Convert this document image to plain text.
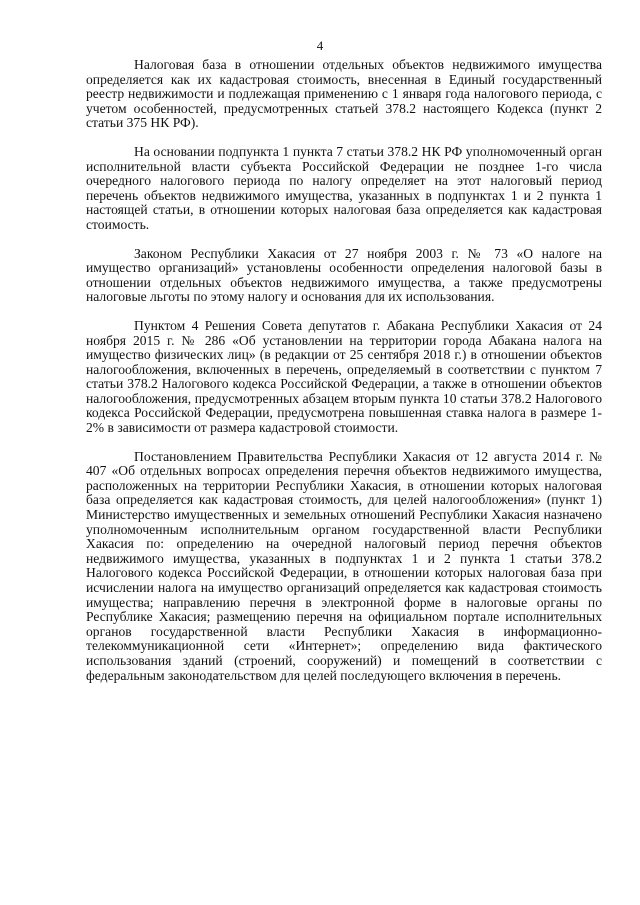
4

Налоговая база в отношении отдельных объектов недвижимого имущества определяется как их кадастровая стоимость, внесенная в Единый государственный реестр недвижимости и подлежащая применению с 1 января года налогового периода, с учетом особенностей, предусмотренных статьей 378.2 настоящего Кодекса (пункт 2 статьи 375 НК РФ).

На основании подпункта 1 пункта 7 статьи 378.2 НК РФ уполномоченный орган исполнительной власти субъекта Российской Федерации не позднее 1-го числа очередного налогового периода по налогу определяет на этот налоговый период перечень объектов недвижимого имущества, указанных в подпунктах 1 и 2 пункта 1 настоящей статьи, в отношении которых налоговая база определяется как кадастровая стоимость.

Законом Республики Хакасия от 27 ноября 2003 г. № 73 «О налоге на имущество организаций» установлены особенности определения налоговой базы в отношении отдельных объектов недвижимого имущества, а также предусмотрены налоговые льготы по этому налогу и основания для их использования.

Пунктом 4 Решения Совета депутатов г. Абакана Республики Хакасия от 24 ноября 2015 г. № 286 «Об установлении на территории города Абакана налога на имущество физических лиц» (в редакции от 25 сентября 2018 г.) в отношении объектов налогообложения, включенных в перечень, определяемый в соответствии с пунктом 7 статьи 378.2 Налогового кодекса Российской Федерации, а также в отношении объектов налогообложения, предусмотренных абзацем вторым пункта 10 статьи 378.2 Налогового кодекса Российской Федерации, предусмотрена повышенная ставка налога в размере 1-2% в зависимости от размера кадастровой стоимости.

Постановлением Правительства Республики Хакасия от 12 августа 2014 г. № 407 «Об отдельных вопросах определения перечня объектов недвижимого имущества, расположенных на территории Республики Хакасия, в отношении которых налоговая база определяется как кадастровая стоимость, для целей налогообложения» (пункт 1) Министерство имущественных и земельных отношений Республики Хакасия назначено уполномоченным исполнительным органом государственной власти Республики Хакасия по: определению на очередной налоговый период перечня объектов недвижимого имущества, указанных в подпунктах 1 и 2 пункта 1 статьи 378.2 Налогового кодекса Российской Федерации, в отношении которых налоговая база при исчислении налога на имущество организаций определяется как кадастровая стоимость имущества; направлению перечня в электронной форме в налоговые органы по Республике Хакасия; размещению перечня на официальном портале исполнительных органов государственной власти Республики Хакасия в информационно-телекоммуникационной сети «Интернет»; определению вида фактического использования зданий (строений, сооружений) и помещений в соответствии с федеральным законодательством для целей последующего включения в перечень.
